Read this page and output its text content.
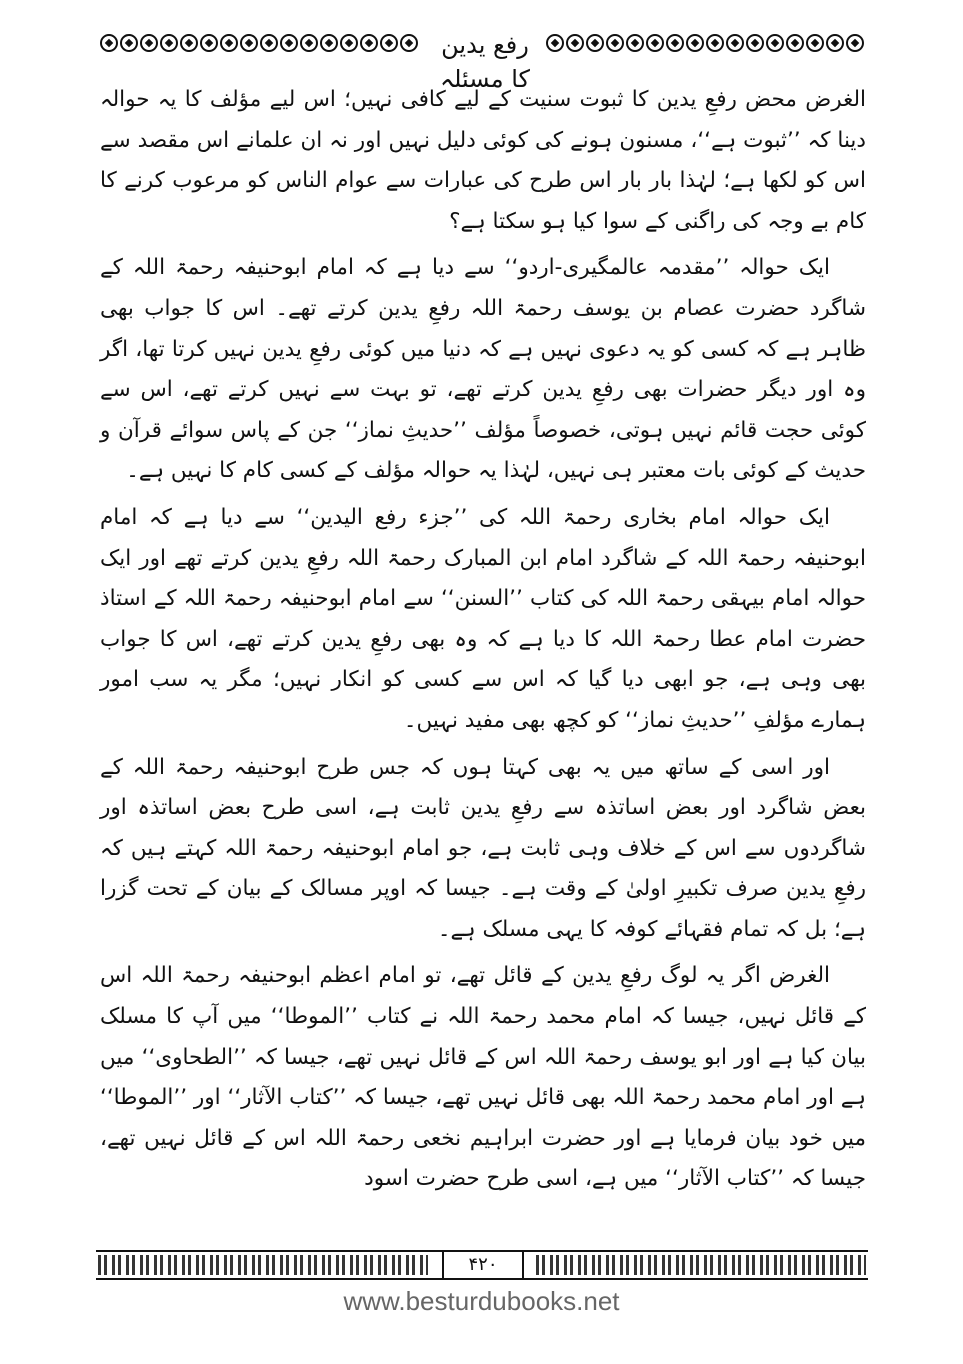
رفع یدین کا مسئلہ

الغرض محض رفعِ یدین کا ثبوت سنیت کے لیے کافی نہیں؛ اس لیے مؤلف کا یہ حوالہ دینا کہ ’’ثبوت ہے‘‘، مسنون ہونے کی کوئی دلیل نہیں اور نہ ان علمانے اس مقصد سے اس کو لکھا ہے؛ لہٰذا بار بار اس طرح کی عبارات سے عوام الناس کو مرعوب کرنے کا کام بے وجہ کی راگنی کے سوا کیا ہو سکتا ہے؟

ایک حوالہ ’’مقدمہ عالمگیری-اردو‘‘ سے دیا ہے کہ امام ابوحنیفہ رحمۃ اللہ کے شاگرد حضرت عصام بن یوسف رحمۃ اللہ رفعِ یدین کرتے تھے۔ اس کا جواب بھی ظاہر ہے کہ کسی کو یہ دعوی نہیں ہے کہ دنیا میں کوئی رفعِ یدین نہیں کرتا تھا، اگر وہ اور دیگر حضرات بھی رفعِ یدین کرتے تھے، تو بہت سے نہیں کرتے تھے، اس سے کوئی حجت قائم نہیں ہوتی، خصوصاً مؤلف ’’حدیثِ نماز‘‘ جن کے پاس سوائے قرآن و حدیث کے کوئی بات معتبر ہی نہیں، لہٰذا یہ حوالہ مؤلف کے کسی کام کا نہیں ہے۔

ایک حوالہ امام بخاری رحمۃ اللہ کی ’’جزء رفع الیدین‘‘ سے دیا ہے کہ امام ابوحنیفہ رحمۃ اللہ کے شاگرد امام ابن المبارک رحمۃ اللہ رفعِ یدین کرتے تھے اور ایک حوالہ امام بیہقی رحمۃ اللہ کی کتاب ’’السنن‘‘ سے امام ابوحنیفہ رحمۃ اللہ کے استاذ حضرت امام عطا رحمۃ اللہ کا دیا ہے کہ وہ بھی رفعِ یدین کرتے تھے، اس کا جواب بھی وہی ہے، جو ابھی دیا گیا کہ اس سے کسی کو انکار نہیں؛ مگر یہ سب امور ہمارے مؤلفِ ’’حدیثِ نماز‘‘ کو کچھ بھی مفید نہیں۔

اور اسی کے ساتھ میں یہ بھی کہتا ہوں کہ جس طرح ابوحنیفہ رحمۃ اللہ کے بعض شاگرد اور بعض اساتذہ سے رفعِ یدین ثابت ہے، اسی طرح بعض اساتذہ اور شاگردوں سے اس کے خلاف وہی ثابت ہے، جو امام ابوحنیفہ رحمۃ اللہ کہتے ہیں کہ رفعِ یدین صرف تکبیرِ اولیٰ کے وقت ہے۔ جیسا کہ اوپر مسالک کے بیان کے تحت گزرا ہے؛ بل کہ تمام فقہائے کوفہ کا یہی مسلک ہے۔

الغرض اگر یہ لوگ رفعِ یدین کے قائل تھے، تو امام اعظم ابوحنیفہ رحمۃ اللہ اس کے قائل نہیں، جیسا کہ امام محمد رحمۃ اللہ نے کتاب ’’الموطا‘‘ میں آپ کا مسلک بیان کیا ہے اور ابو یوسف رحمۃ اللہ اس کے قائل نہیں تھے، جیسا کہ ’’الطحاوی‘‘ میں ہے اور امام محمد رحمۃ اللہ بھی قائل نہیں تھے، جیسا کہ ’’کتاب الآثار‘‘ اور ’’الموطا‘‘ میں خود بیان فرمایا ہے اور حضرت ابراہیم نخعی رحمۃ اللہ اس کے قائل نہیں تھے، جیسا کہ ’’کتاب الآثار‘‘ میں ہے، اسی طرح حضرت اسود

۴۲۰
www.besturdubooks.net
